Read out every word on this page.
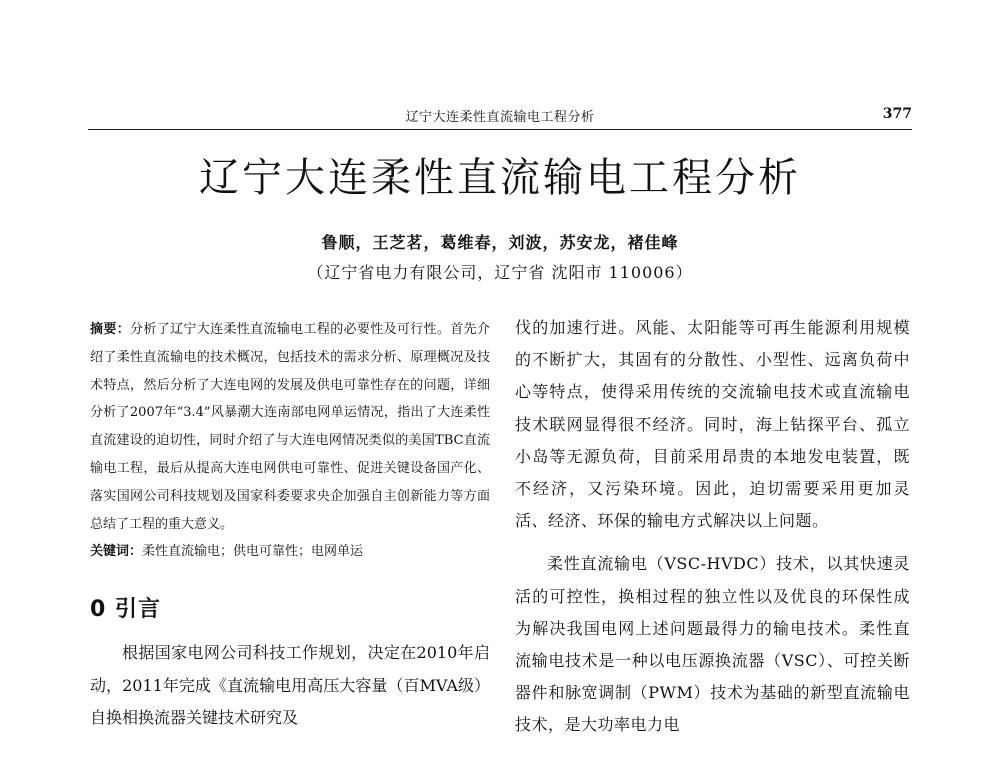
辽宁大连柔性直流输电工程分析	377
辽宁大连柔性直流输电工程分析
鲁顺，王芝茗，葛维春，刘波，苏安龙，褚佳峰
（辽宁省电力有限公司，辽宁省 沈阳市 110006）

摘要：分析了辽宁大连柔性直流输电工程的必要性及可行性。首先介绍了柔性直流输电的技术概况，包括技术的需求分析、原理概况及技术特点，然后分析了大连电网的发展及供电可靠性存在的问题，详细分析了2007年“3.4”风暴潮大连南部电网单运情况，指出了大连柔性直流建设的迫切性，同时介绍了与大连电网情况类似的美国TBC直流输电工程，最后从提高大连电网供电可靠性、促进关键设备国产化、落实国网公司科技规划及国家科委要求央企加强自主创新能力等方面总结了工程的重大意义。

关键词：柔性直流输电；供电可靠性；电网单运

0 引言

根据国家电网公司科技工作规划，决定在2010年启动，2011年完成《直流输电用高压大容量（百MVA级）自换相换流器关键技术研究及

伐的加速行进。风能、太阳能等可再生能源利用规模的不断扩大，其固有的分散性、小型性、远离负荷中心等特点，使得采用传统的交流输电技术或直流输电技术联网显得很不经济。同时，海上钻探平台、孤立小岛等无源负荷，目前采用昂贵的本地发电装置，既不经济，又污染环境。因此，迫切需要采用更加灵活、经济、环保的输电方式解决以上问题。

柔性直流输电（VSC-HVDC）技术，以其快速灵活的可控性，换相过程的独立性以及优良的环保性成为解决我国电网上述问题最得力的输电技术。柔性直流输电技术是一种以电压源换流器（VSC）、可控关断器件和脉宽调制（PWM）技术为基础的新型直流输电技术，是大功率电力电
